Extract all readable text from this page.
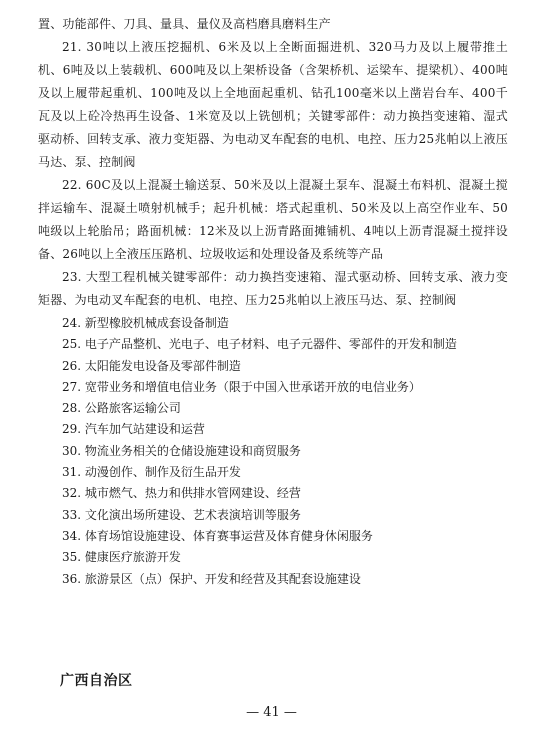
置、功能部件、刀具、量具、量仪及高档磨具磨料生产

21. 30吨以上液压挖掘机、6米及以上全断面掘进机、320马力及以上履带推土机、6吨及以上装载机、600吨及以上架桥设备（含架桥机、运梁车、提梁机）、400吨及以上履带起重机、100吨及以上全地面起重机、钻孔100毫米以上凿岩台车、400千瓦及以上砼冷热再生设备、1米宽及以上铣刨机；关键零部件：动力换挡变速箱、湿式驱动桥、回转支承、液力变矩器、为电动叉车配套的电机、电控、压力25兆帕以上液压马达、泵、控制阀

22. 60C及以上混凝土输送泵、50米及以上混凝土泵车、混凝土布料机、混凝土搅拌运输车、混凝土喷射机械手；起升机械：塔式起重机、50米及以上高空作业车、50吨级以上轮胎吊；路面机械：12米及以上沥青路面摊铺机、4吨以上沥青混凝土搅拌设备、26吨以上全液压压路机、垃圾收运和处理设备及系统等产品

23. 大型工程机械关键零部件：动力换挡变速箱、湿式驱动桥、回转支承、液力变矩器、为电动叉车配套的电机、电控、压力25兆帕以上液压马达、泵、控制阀

24. 新型橡胶机械成套设备制造

25. 电子产品整机、光电子、电子材料、电子元器件、零部件的开发和制造

26. 太阳能发电设备及零部件制造

27. 宽带业务和增值电信业务（限于中国入世承诺开放的电信业务）

28. 公路旅客运输公司

29. 汽车加气站建设和运营

30. 物流业务相关的仓储设施建设和商贸服务

31. 动漫创作、制作及衍生品开发

32. 城市燃气、热力和供排水管网建设、经营

33. 文化演出场所建设、艺术表演培训等服务

34. 体育场馆设施建设、体育赛事运营及体育健身休闲服务

35. 健康医疗旅游开发

36. 旅游景区（点）保护、开发和经营及其配套设施建设

广西自治区
— 41 —
